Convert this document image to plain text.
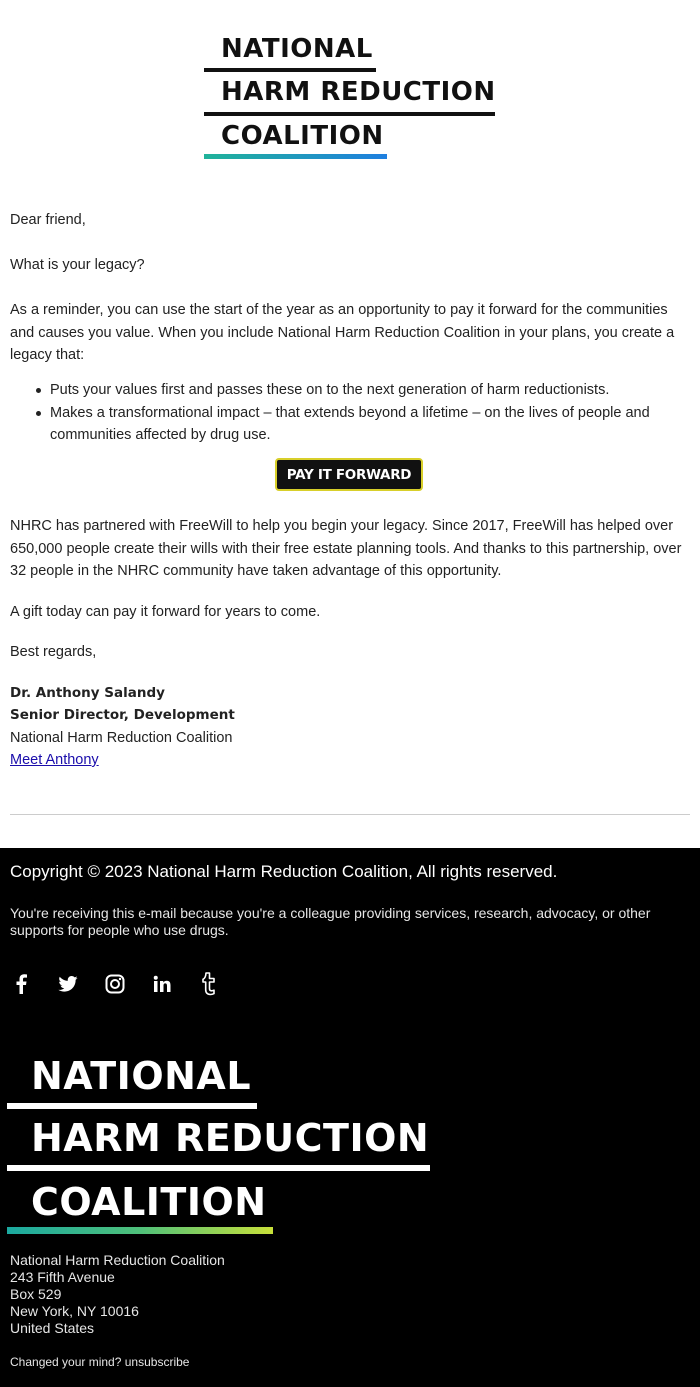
NATIONAL
HARM REDUCTION
COALITION
Dear friend,
What is your legacy?
As a reminder, you can use the start of the year as an opportunity to pay it forward for the communities and causes you value. When you include National Harm Reduction Coalition in your plans, you create a legacy that:
Puts your values first and passes these on to the next generation of harm reductionists.
Makes a transformational impact – that extends beyond a lifetime – on the lives of people and communities affected by drug use.
PAY IT FORWARD
NHRC has partnered with FreeWill to help you begin your legacy. Since 2017, FreeWill has helped over 650,000 people create their wills with their free estate planning tools. And thanks to this partnership, over 32 people in the NHRC community have taken advantage of this opportunity.
A gift today can pay it forward for years to come.
Best regards,
Dr. Anthony Salandy
Senior Director, Development
National Harm Reduction Coalition
Meet Anthony
Copyright © 2023 National Harm Reduction Coalition, All rights reserved.
You're receiving this e-mail because you're a colleague providing services, research, advocacy, or other supports for people who use drugs.
NATIONAL
HARM REDUCTION
COALITION
National Harm Reduction Coalition
243 Fifth Avenue
Box 529
New York, NY 10016
United States
Changed your mind? unsubscribe
